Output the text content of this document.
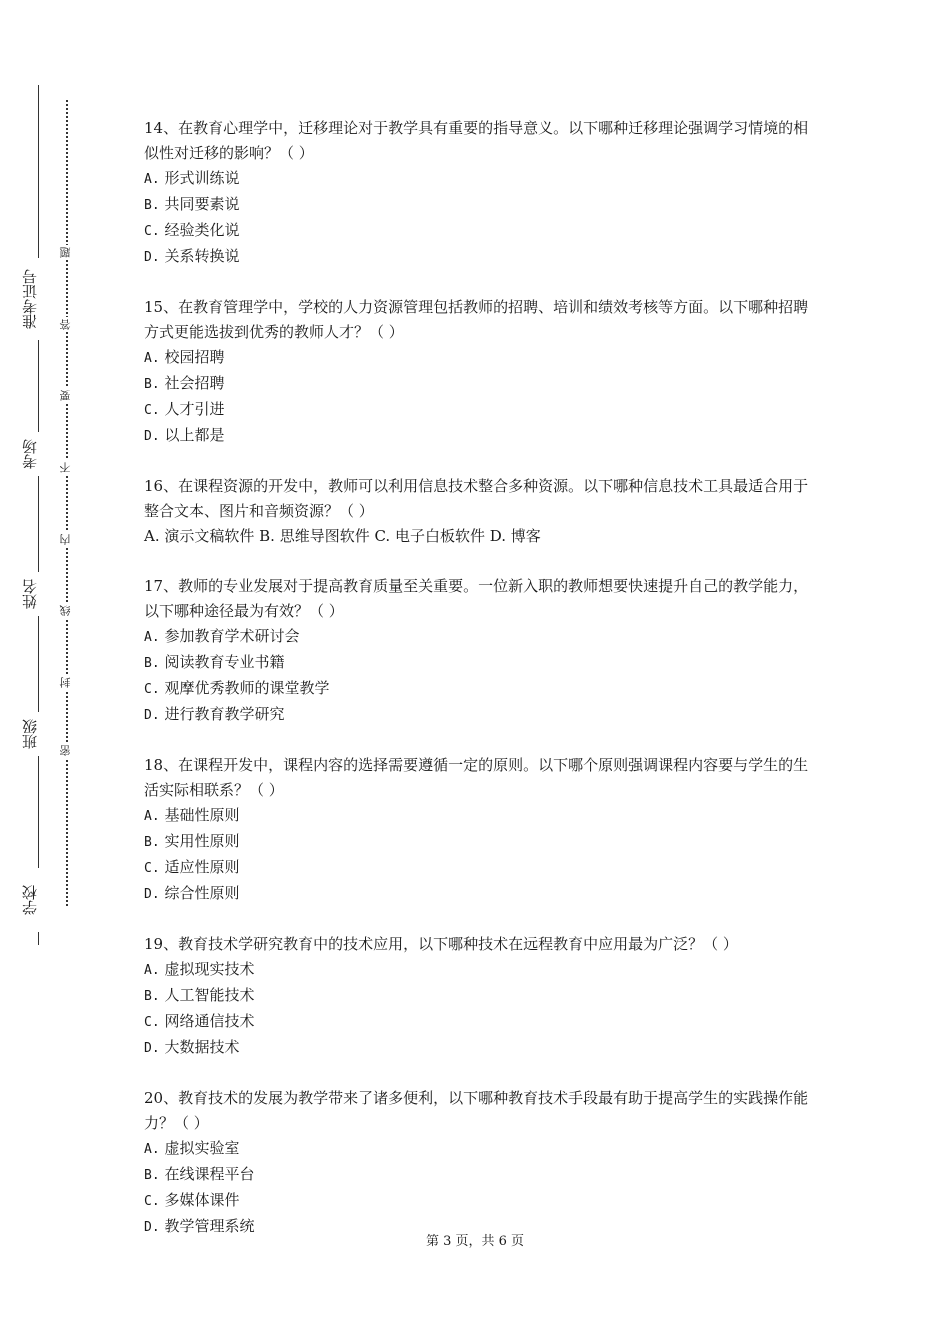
学校
班级
姓名
考场
准考证号
密
封
线
内
不
要
答
题
14、在教育心理学中，迁移理论对于教学具有重要的指导意义。以下哪种迁移理论强调学习情境的相似性对迁移的影响？（ ）
A. 形式训练说
B. 共同要素说
C. 经验类化说
D. 关系转换说
15、在教育管理学中，学校的人力资源管理包括教师的招聘、培训和绩效考核等方面。以下哪种招聘方式更能选拔到优秀的教师人才？（ ）
A. 校园招聘
B. 社会招聘
C. 人才引进
D. 以上都是
16、在课程资源的开发中，教师可以利用信息技术整合多种资源。以下哪种信息技术工具最适合用于整合文本、图片和音频资源？（ ）
A. 演示文稿软件 B. 思维导图软件 C. 电子白板软件 D. 博客
17、教师的专业发展对于提高教育质量至关重要。一位新入职的教师想要快速提升自己的教学能力，以下哪种途径最为有效？（ ）
A. 参加教育学术研讨会
B. 阅读教育专业书籍
C. 观摩优秀教师的课堂教学
D. 进行教育教学研究
18、在课程开发中，课程内容的选择需要遵循一定的原则。以下哪个原则强调课程内容要与学生的生活实际相联系？（ ）
A. 基础性原则
B. 实用性原则
C. 适应性原则
D. 综合性原则
19、教育技术学研究教育中的技术应用，以下哪种技术在远程教育中应用最为广泛？（ ）
A. 虚拟现实技术
B. 人工智能技术
C. 网络通信技术
D. 大数据技术
20、教育技术的发展为教学带来了诸多便利，以下哪种教育技术手段最有助于提高学生的实践操作能力？（ ）
A. 虚拟实验室
B. 在线课程平台
C. 多媒体课件
D. 教学管理系统
第 3 页，共 6 页
